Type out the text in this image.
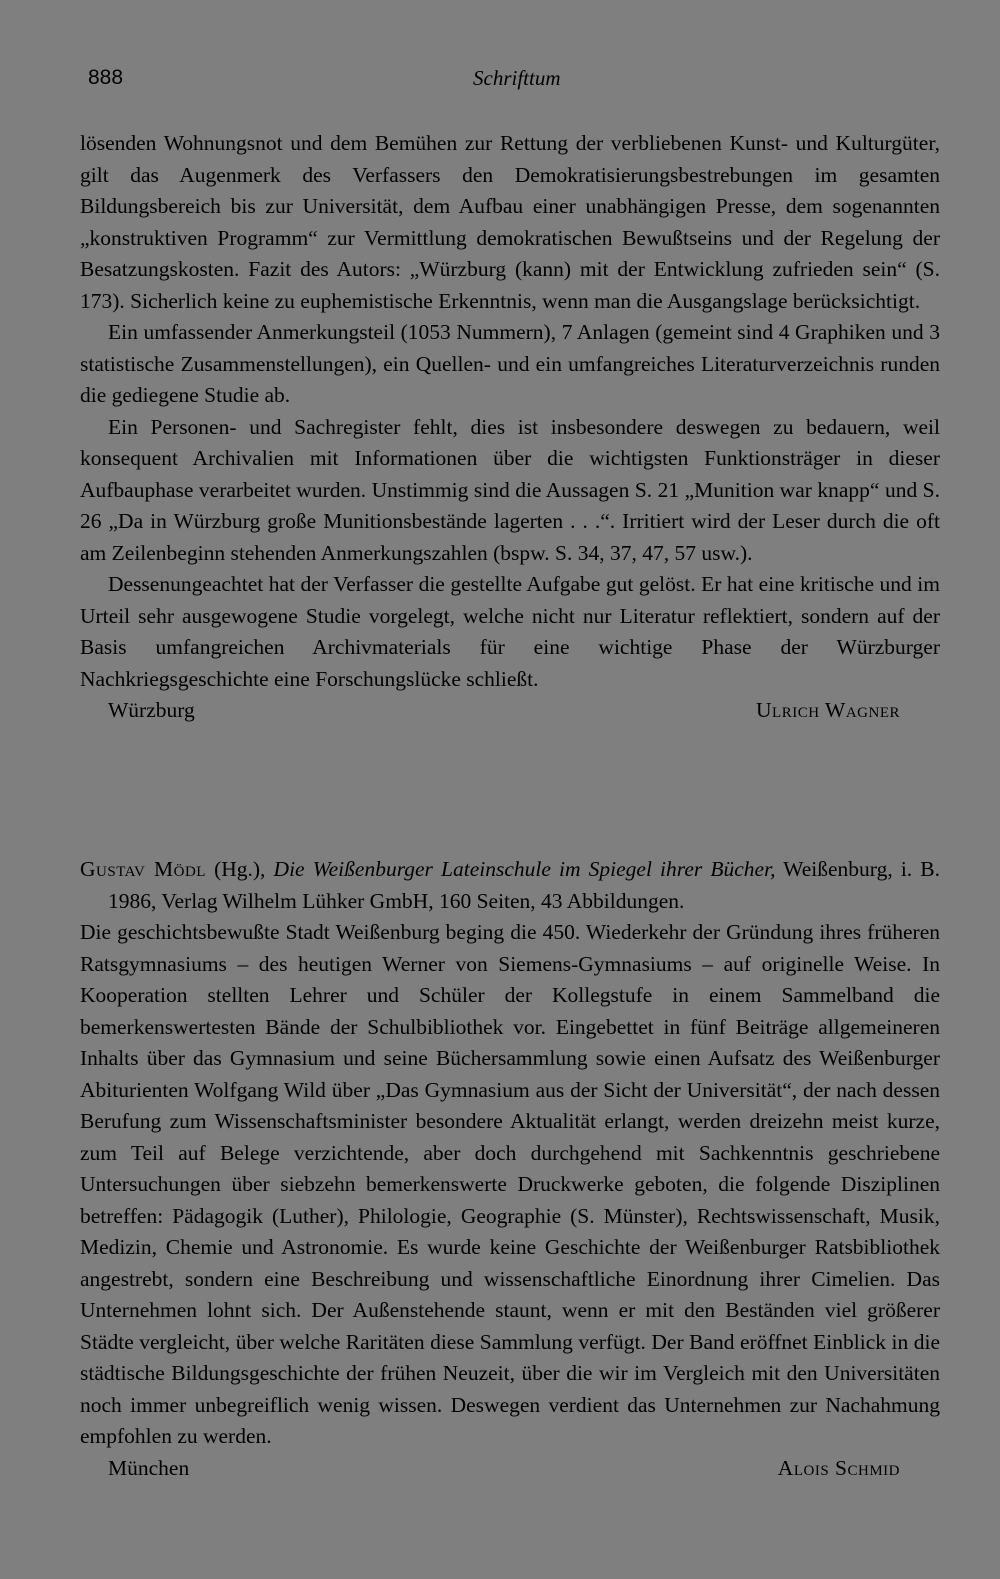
888	Schrifttum

lösenden Wohnungsnot und dem Bemühen zur Rettung der verbliebenen Kunst- und Kulturgüter, gilt das Augenmerk des Verfassers den Demokratisierungsbestrebungen im gesamten Bildungsbereich bis zur Universität, dem Aufbau einer unabhängigen Presse, dem sogenannten „konstruktiven Programm“ zur Vermittlung demokratischen Bewußtseins und der Regelung der Besatzungskosten. Fazit des Autors: „Würzburg (kann) mit der Entwicklung zufrieden sein“ (S. 173). Sicherlich keine zu euphemistische Erkenntnis, wenn man die Ausgangslage berücksichtigt.

Ein umfassender Anmerkungsteil (1053 Nummern), 7 Anlagen (gemeint sind 4 Graphiken und 3 statistische Zusammenstellungen), ein Quellen- und ein umfangreiches Literaturverzeichnis runden die gediegene Studie ab.

Ein Personen- und Sachregister fehlt, dies ist insbesondere deswegen zu bedauern, weil konsequent Archivalien mit Informationen über die wichtigsten Funktionsträger in dieser Aufbauphase verarbeitet wurden. Unstimmig sind die Aussagen S. 21 „Munition war knapp“ und S. 26 „Da in Würzburg große Munitionsbestände lagerten . . .“. Irritiert wird der Leser durch die oft am Zeilenbeginn stehenden Anmerkungszahlen (bspw. S. 34, 37, 47, 57 usw.).

Dessenungeachtet hat der Verfasser die gestellte Aufgabe gut gelöst. Er hat eine kritische und im Urteil sehr ausgewogene Studie vorgelegt, welche nicht nur Literatur reflektiert, sondern auf der Basis umfangreichen Archivmaterials für eine wichtige Phase der Würzburger Nachkriegsgeschichte eine Forschungslücke schließt.

Würzburg	Ulrich Wagner

Gustav Mödl (Hg.), Die Weißenburger Lateinschule im Spiegel ihrer Bücher, Weißenburg, i. B. 1986, Verlag Wilhelm Lühker GmbH, 160 Seiten, 43 Abbildungen.

Die geschichtsbewußte Stadt Weißenburg beging die 450. Wiederkehr der Gründung ihres früheren Ratsgymnasiums – des heutigen Werner von Siemens-Gymnasiums – auf originelle Weise. In Kooperation stellten Lehrer und Schüler der Kollegstufe in einem Sammelband die bemerkenswertesten Bände der Schulbibliothek vor. Eingebettet in fünf Beiträge allgemeineren Inhalts über das Gymnasium und seine Büchersammlung sowie einen Aufsatz des Weißenburger Abiturienten Wolfgang Wild über „Das Gymnasium aus der Sicht der Universität“, der nach dessen Berufung zum Wissenschaftsminister besondere Aktualität erlangt, werden dreizehn meist kurze, zum Teil auf Belege verzichtende, aber doch durchgehend mit Sachkenntnis geschriebene Untersuchungen über siebzehn bemerkenswerte Druckwerke geboten, die folgende Disziplinen betreffen: Pädagogik (Luther), Philologie, Geographie (S. Münster), Rechtswissenschaft, Musik, Medizin, Chemie und Astronomie. Es wurde keine Geschichte der Weißenburger Ratsbibliothek angestrebt, sondern eine Beschreibung und wissenschaftliche Einordnung ihrer Cimelien. Das Unternehmen lohnt sich. Der Außenstehende staunt, wenn er mit den Beständen viel größerer Städte vergleicht, über welche Raritäten diese Sammlung verfügt. Der Band eröffnet Einblick in die städtische Bildungsgeschichte der frühen Neuzeit, über die wir im Vergleich mit den Universitäten noch immer unbegreiflich wenig wissen. Deswegen verdient das Unternehmen zur Nachahmung empfohlen zu werden.

München	Alois Schmid
